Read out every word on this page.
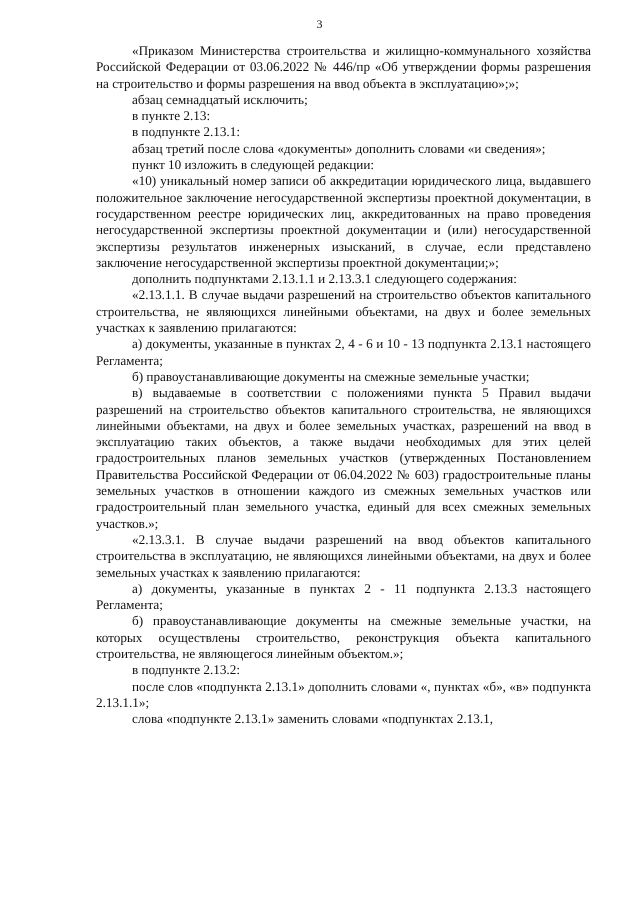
3

«Приказом Министерства строительства и жилищно-коммунального хозяйства Российской Федерации от 03.06.2022 № 446/пр «Об утверждении формы разрешения на строительство и формы разрешения на ввод объекта в эксплуатацию»;»;

абзац семнадцатый исключить;

в пункте 2.13:

в подпункте 2.13.1:

абзац третий после слова «документы» дополнить словами «и сведения»;

пункт 10 изложить в следующей редакции:

«10) уникальный номер записи об аккредитации юридического лица, выдавшего положительное заключение негосударственной экспертизы проектной документации, в государственном реестре юридических лиц, аккредитованных на право проведения негосударственной экспертизы проектной документации и (или) негосударственной экспертизы результатов инженерных изысканий, в случае, если представлено заключение негосударственной экспертизы проектной документации;»;

дополнить подпунктами 2.13.1.1 и 2.13.3.1 следующего содержания:

«2.13.1.1. В случае выдачи разрешений на строительство объектов капитального строительства, не являющихся линейными объектами, на двух и более земельных участках к заявлению прилагаются:

а) документы, указанные в пунктах 2, 4 - 6 и 10 - 13 подпункта 2.13.1 настоящего Регламента;

б) правоустанавливающие документы на смежные земельные участки;

в) выдаваемые в соответствии с положениями пункта 5 Правил выдачи разрешений на строительство объектов капитального строительства, не являющихся линейными объектами, на двух и более земельных участках, разрешений на ввод в эксплуатацию таких объектов, а также выдачи необходимых для этих целей градостроительных планов земельных участков (утвержденных Постановлением Правительства Российской Федерации от 06.04.2022 № 603) градостроительные планы земельных участков в отношении каждого из смежных земельных участков или градостроительный план земельного участка, единый для всех смежных земельных участков.»;

«2.13.3.1. В случае выдачи разрешений на ввод объектов капитального строительства в эксплуатацию, не являющихся линейными объектами, на двух и более земельных участках к заявлению прилагаются:

а) документы, указанные в пунктах 2 - 11 подпункта 2.13.3 настоящего Регламента;

б) правоустанавливающие документы на смежные земельные участки, на которых осуществлены строительство, реконструкция объекта капитального строительства, не являющегося линейным объектом.»;

в подпункте 2.13.2:

после слов «подпункта 2.13.1» дополнить словами «, пунктах «б», «в» подпункта 2.13.1.1»;

слова «подпункте 2.13.1» заменить словами «подпунктах 2.13.1,
